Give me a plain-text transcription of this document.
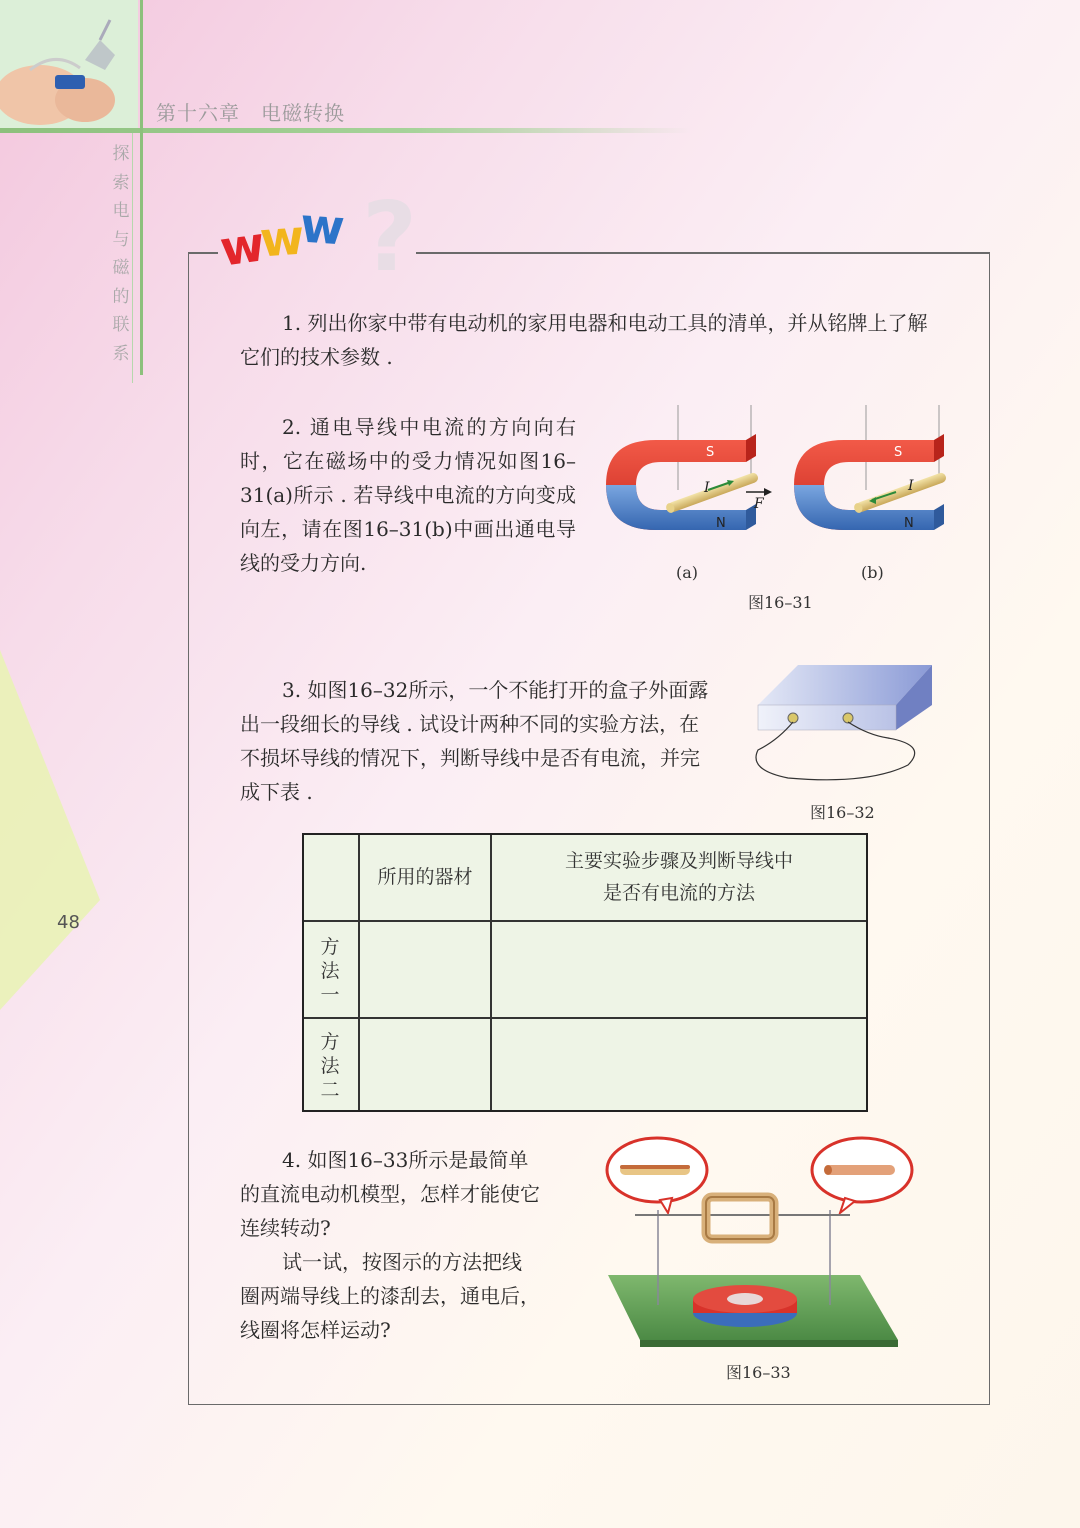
第十六章　电磁转换
探
索
电
与
磁
的
联
系
48
?
w
w
w
1. 列出你家中带有电动机的家用电器和电动工具的清单，并从铭牌上了解它们的技术参数 .
2. 通电导线中电流的方向向右时，它在磁场中的受力情况如图16–31(a)所示 . 若导线中电流的方向变成向左，请在图16–31(b)中画出通电导线的受力方向.
S
N
I
F
S
N
I
(a)	(b)
图16–31
3. 如图16–32所示，一个不能打开的盒子外面露出一段细长的导线 . 试设计两种不同的实验方法，在不损坏导线的情况下，判断导线中是否有电流，并完成下表 .
图16–32
所用的器材
主要实验步骤及判断导线中
是否有电流的方法
方
法
一
方
法
二
4. 如图16–33所示是最简单的直流电动机模型，怎样才能使它连续转动?
试一试，按图示的方法把线圈两端导线上的漆刮去，通电后，线圈将怎样运动?
图16–33
